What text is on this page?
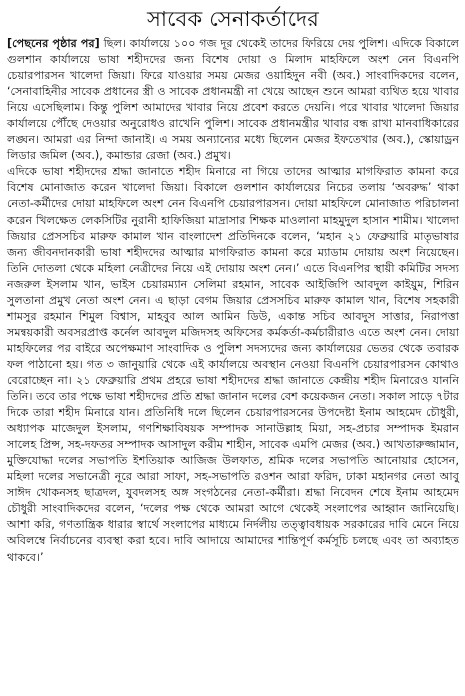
সাবেক সেনাকর্তাদের

[পেছনের পৃষ্ঠার পর] ছিল। কার্যালয়ে ১০০ গজ দূর থেকেই তাদের ফিরিয়ে দেয় পুলিশ। এদিকে বিকালে গুলশান কার্যালয়ে ভাষা শহীদদের জন্য বিশেষ দোয়া ও মিলাদ মাহফিলে অংশ নেন বিএনপি চেয়ারপারসন খালেদা জিয়া। ফিরে যাওয়ার সময় মেজর ওয়াহিদুন নবী (অব.) সাংবাদিকদের বলেন, ‘সেনাবাহিনীর সাবেক প্রধানের স্ত্রী ও সাবেক প্রধানমন্ত্রী না খেয়ে আছেন শুনে আমরা ব্যথিত হয়ে খাবার নিয়ে এসেছিলাম। কিন্তু পুলিশ আমাদের খাবার নিয়ে প্রবেশ করতে দেয়নি। পরে খাবার খালেদা জিয়ার কার্যালয়ে পৌঁছে দেওয়ার অনুরোধও রাখেনি পুলিশ। সাবেক প্রধানমন্ত্রীর খাবার বন্ধ রাখা মানবাধিকারের লঙ্ঘন। আমরা এর নিন্দা জানাই। এ সময় অন্যান্যের মধ্যে ছিলেন মেজর ইফতেখার (অব.), স্কোয়াড্রন লিডার জমিল (অব.), কমান্ডার রেজা (অব.) প্রমুখ।

এদিকে ভাষা শহীদদের শ্রদ্ধা জানাতে শহীদ মিনারে না গিয়ে তাদের আত্মার মাগফিরাত কামনা করে বিশেষ মোনাজাত করেন খালেদা জিয়া। বিকালে গুলশান কার্যালয়ের নিচের তলায় ‘অবরুদ্ধ’ থাকা নেতা-কর্মীদের দোয়া মাহফিলে অংশ নেন বিএনপি চেয়ারপারসন। দোয়া মাহফিলে মোনাজাত পরিচালনা করেন খিলক্ষেত লেকসিটির নুরানী হাফিজিয়া মাদ্রাসার শিক্ষক মাওলানা মাহমুদুল হাসান শামীম। খালেদা জিয়ার প্রেসসচিব মারুফ কামাল খান বাংলাদেশ প্রতিদিনকে বলেন, ‘মহান ২১ ফেব্রুয়ারি মাতৃভাষার জন্য জীবনদানকারী ভাষা শহীদদের আত্মার মাগফিরাত কামনা করে ম্যাডাম দোয়ায় অংশ নিয়েছেন। তিনি দোতলা থেকে মহিলা নেত্রীদের নিয়ে এই দোয়ায় অংশ নেন।’ এতে বিএনপির স্থায়ী কমিটির সদস্য নজরুল ইসলাম খান, ভাইস চেয়ারম্যান সেলিমা রহমান, সাবেক আইজিপি আবদুল কাইয়ুম, শিরিন সুলতানা প্রমুখ নেতা অংশ নেন। এ ছাড়া বেগম জিয়ার প্রেসসচিব মারুফ কামাল খান, বিশেষ সহকারী শামসুর রহমান শিমুল বিশ্বাস, মাহবুব আল আমিন ডিউ, একান্ত সচিব আবদুস সাত্তার, নিরাপত্তা সমন্বয়কারী অবসরপ্রাপ্ত কর্নেল আবদুল মজিদসহ অফিসের কর্মকর্তা-কর্মচারীরাও এতে অংশ নেন। দোয়া মাহফিলের পর বাইরে অপেক্ষমাণ সাংবাদিক ও পুলিশ সদস্যদের জন্য কার্যালয়ের ভেতর থেকে তবারক ফল পাঠানো হয়। গত ৩ জানুয়ারি থেকে এই কার্যালয়ে অবস্থান নেওয়া বিএনপি চেয়ারপারসন কোথাও বেরোচ্ছেন না। ২১ ফেব্রুয়ারি প্রথম প্রহরে ভাষা শহীদদের শ্রদ্ধা জানাতে কেন্দ্রীয় শহীদ মিনারেও যাননি তিনি। তবে তার পক্ষে ভাষা শহীদদের প্রতি শ্রদ্ধা জানান দলের বেশ কয়েকজন নেতা। সকাল সাড়ে ৭টার দিকে তারা শহীদ মিনারে যান। প্রতিনিধি দলে ছিলেন চেয়ারপারসনের উপদেষ্টা ইনাম আহমেদ চৌধুরী, অধ্যাপক মাজেদুল ইসলাম, গণশিক্ষাবিষয়ক সম্পাদক সানাউল্লাহ মিয়া, সহ-প্রচার সম্পাদক ইমরান সালেহ প্রিন্স, সহ-দফতর সম্পাদক আসাদুল করীম শাহীন, সাবেক এমপি মেজর (অব.) আখতারুজ্জামান, মুক্তিযোদ্ধা দলের সভাপতি ইশতিয়াক আজিজ উলফাত, শ্রমিক দলের সভাপতি আনোয়ার হোসেন, মহিলা দলের সভানেত্রী নূরে আরা সাফা, সহ-সভাপতি রওশন আরা ফরিদ, ঢাকা মহানগর নেতা আবু সাঈদ খোকনসহ ছাত্রদল, যুবদলসহ অঙ্গ সংগঠনের নেতা-কর্মীরা। শ্রদ্ধা নিবেদন শেষে ইনাম আহমেদ চৌধুরী সাংবাদিকদের বলেন, ‘দলের পক্ষ থেকে আমরা আগে থেকেই সংলাপের আহ্বান জানিয়েছি। আশা করি, গণতান্ত্রিক ধারার স্বার্থে সংলাপের মাধ্যমে নির্দলীয় তত্ত্বাবধায়ক সরকারের দাবি মেনে নিয়ে অবিলম্বে নির্বাচনের ব্যবস্থা করা হবে। দাবি আদায়ে আমাদের শান্তিপূর্ণ কর্মসূচি চলছে এবং তা অব্যাহত থাকবে।’
